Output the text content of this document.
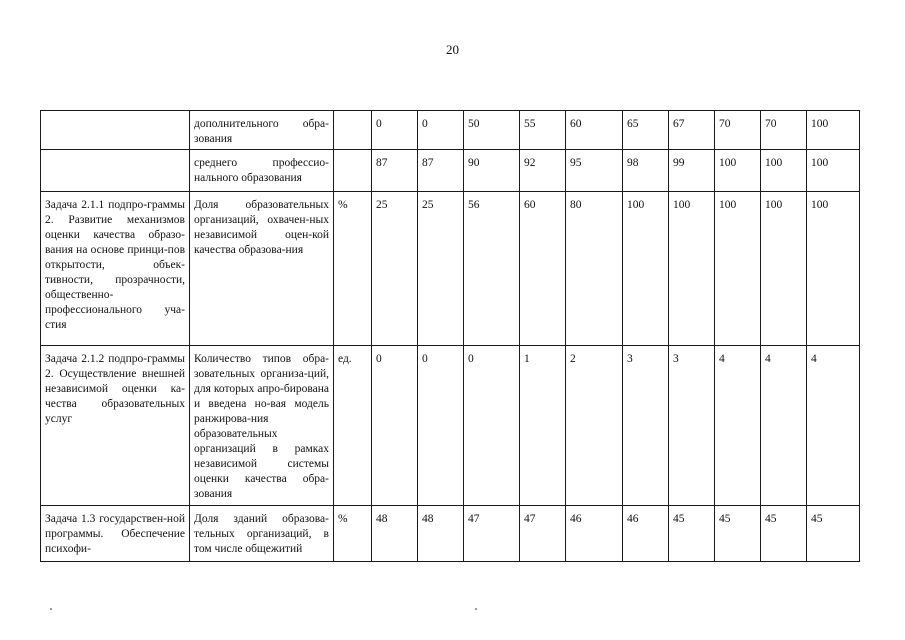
20
	дополнительного обра-зования		0	0	50	55	60	65	67	70	70	100
	среднего профессио-нального образования		87	87	90	92	95	98	99	100	100	100
Задача 2.1.1 подпро-граммы 2. Развитие механизмов оценки качества образо-вания на основе принци-пов открытости, объек-тивности, прозрачности, общественно-профессионального уча-стия	Доля образовательных организаций, охвачен-ных независимой оцен-кой качества образова-ния	%	25	25	56	60	80	100	100	100	100	100
Задача 2.1.2 подпро-граммы 2. Осуществление внешней независимой оценки ка-чества образовательных услуг	Количество типов обра-зовательных организа-ций, для которых апро-бирована и введена но-вая модель ранжирова-ния образовательных организаций в рамках независимой системы оценки качества обра-зования	ед.	0	0	0	1	2	3	3	4	4	4
Задача 1.3 государствен-ной программы. Обеспечение психофи-	Доля зданий образова-тельных организаций, в том числе общежитий	%	48	48	47	47	46	46	45	45	45	45
